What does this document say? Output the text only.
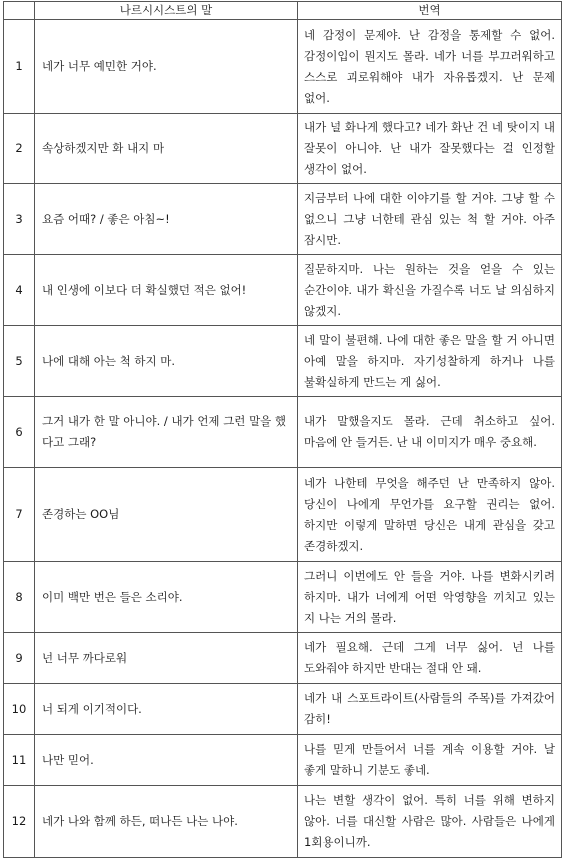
	나르시시스트의 말	번역
1	네가 너무 예민한 거야.	네 감정이 문제야. 난 감정을 통제할 수 없어. 감정이입이 뭔지도 몰라. 네가 너를 부끄러워하고 스스로 괴로워해야 내가 자유롭겠지. 난 문제 없어.
2	속상하겠지만 화 내지 마	내가 널 화나게 했다고? 네가 화난 건 네 탓이지 내 잘못이 아니야. 난 내가 잘못했다는 걸 인정할 생각이 없어.
3	요즘 어때? / 좋은 아침~!	지금부터 나에 대한 이야기를 할 거야. 그냥 할 수 없으니 그냥 너한테 관심 있는 척 할 거야. 아주 잠시만.
4	내 인생에 이보다 더 확실했던 적은 없어!	질문하지마. 나는 원하는 것을 얻을 수 있는 순간이야. 내가 확신을 가질수록 너도 날 의심하지 않겠지.
5	나에 대해 아는 척 하지 마.	네 말이 불편해. 나에 대한 좋은 말을 할 거 아니면 아예 말을 하지마. 자기성찰하게 하거나 나를 불확실하게 만드는 게 싫어.
6	그거 내가 한 말 아니야. / 내가 언제 그런 말을 했다고 그래?	내가 말했을지도 몰라. 근데 취소하고 싶어. 마음에 안 들거든. 난 내 이미지가 매우 중요해.
7	존경하는 OO님	네가 나한테 무엇을 해주던 난 만족하지 않아. 당신이 나에게 무언가를 요구할 권리는 없어. 하지만 이렇게 말하면 당신은 내게 관심을 갖고 존경하겠지.
8	이미 백만 번은 들은 소리야.	그러니 이번에도 안 들을 거야. 나를 변화시키려 하지마. 내가 너에게 어떤 악영향을 끼치고 있는 지 나는 거의 몰라.
9	넌 너무 까다로워	네가 필요해. 근데 그게 너무 싫어. 넌 나를 도와줘야 하지만 반대는 절대 안 돼.
10	너 되게 이기적이다.	네가 내 스포트라이트(사람들의 주목)를 가져갔어 감히!
11	나만 믿어.	나를 믿게 만들어서 너를 계속 이용할 거야. 날 좋게 말하니 기분도 좋네.
12	네가 나와 함께 하든, 떠나든 나는 나야.	나는 변할 생각이 없어. 특히 너를 위해 변하지 않아. 너를 대신할 사람은 많아. 사람들은 나에게 1회용이니까.
